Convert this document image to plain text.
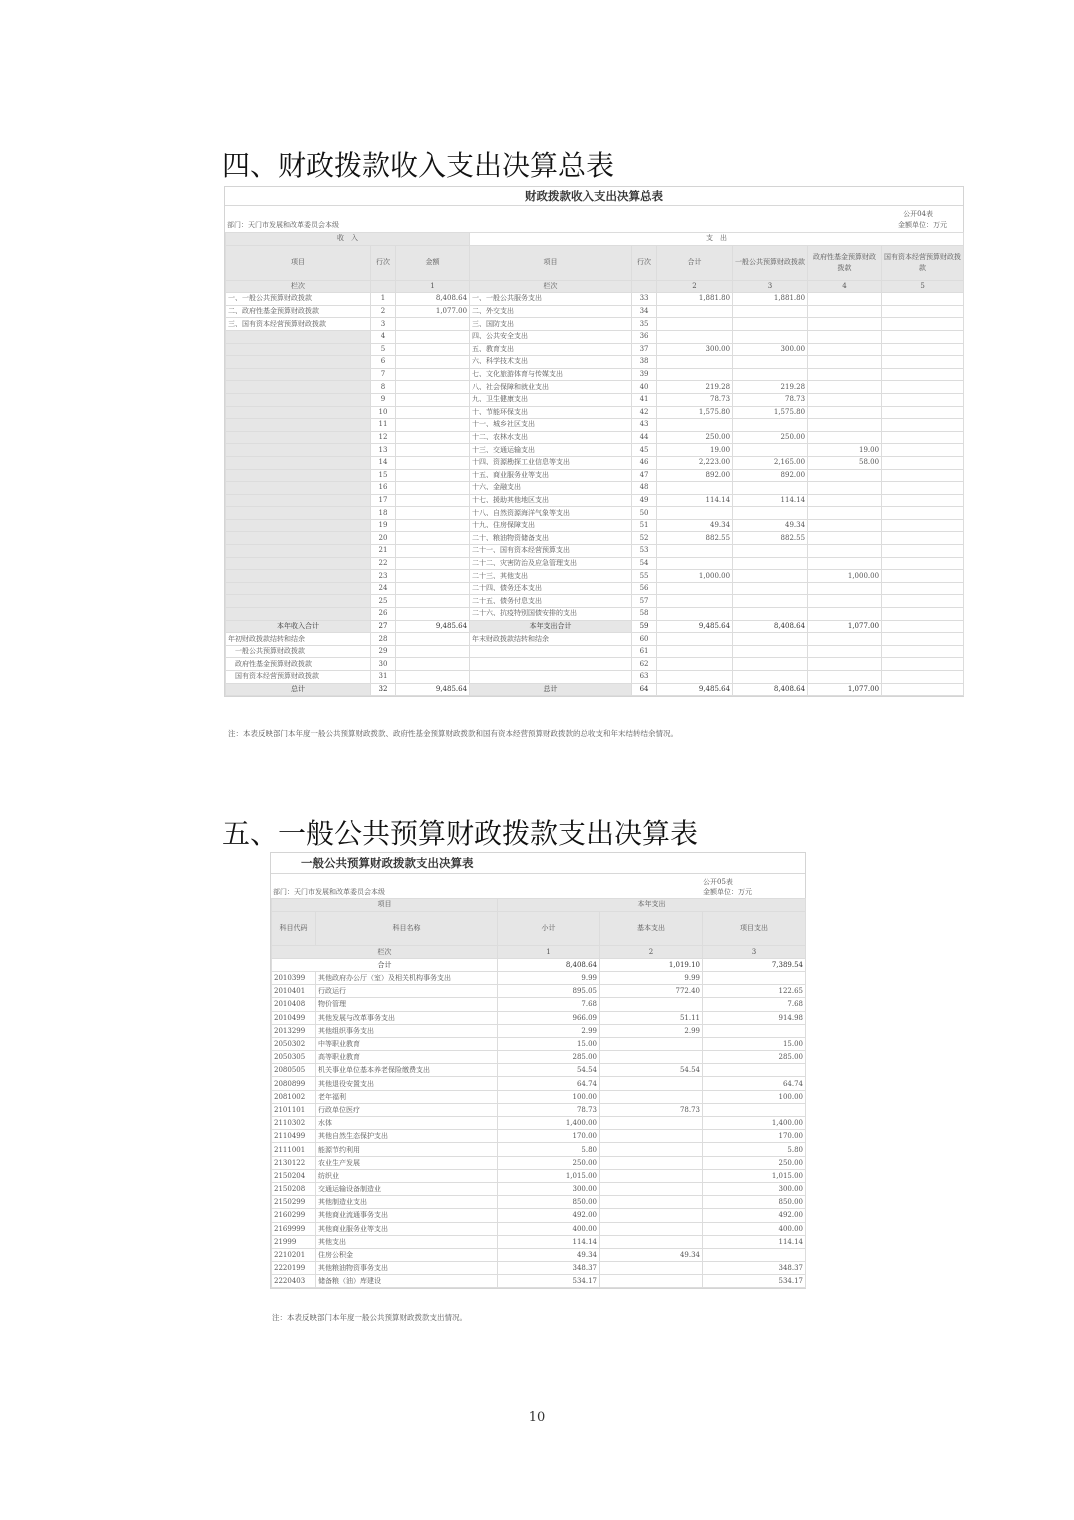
四、财政拨款收入支出决算总表
财政拨款收入支出决算总表
公开04表
金额单位：万元
部门：天门市发展和改革委员会本级
收　入			支　出					
项目	行次	金额	项目	行次	合计	一般公共预算财政拨款	政府性基金预算财政拨款	国有资本经营预算财政拨款
栏次		1	栏次		2	3	4	5
一、一般公共预算财政拨款	1	8,408.64	一、一般公共服务支出	33	1,881.80	1,881.80		
二、政府性基金预算财政拨款	2	1,077.00	二、外交支出	34				
三、国有资本经营预算财政拨款	3		三、国防支出	35				
	4		四、公共安全支出	36				
	5		五、教育支出	37	300.00	300.00		
	6		六、科学技术支出	38				
	7		七、文化旅游体育与传媒支出	39				
	8		八、社会保障和就业支出	40	219.28	219.28		
	9		九、卫生健康支出	41	78.73	78.73		
	10		十、节能环保支出	42	1,575.80	1,575.80		
	11		十一、城乡社区支出	43				
	12		十二、农林水支出	44	250.00	250.00		
	13		十三、交通运输支出	45	19.00		19.00	
	14		十四、资源勘探工业信息等支出	46	2,223.00	2,165.00	58.00	
	15		十五、商业服务业等支出	47	892.00	892.00		
	16		十六、金融支出	48				
	17		十七、援助其他地区支出	49	114.14	114.14		
	18		十八、自然资源海洋气象等支出	50				
	19		十九、住房保障支出	51	49.34	49.34		
	20		二十、粮油物资储备支出	52	882.55	882.55		
	21		二十一、国有资本经营预算支出	53				
	22		二十二、灾害防治及应急管理支出	54				
	23		二十三、其他支出	55	1,000.00		1,000.00	
	24		二十四、债务还本支出	56				
	25		二十五、债务付息支出	57				
	26		二十六、抗疫特别国债安排的支出	58				
本年收入合计	27	9,485.64	本年支出合计	59	9,485.64	8,408.64	1,077.00	
年初财政拨款结转和结余	28		年末财政拨款结转和结余	60				
　一般公共预算财政拨款	29			61				
　政府性基金预算财政拨款	30			62				
　国有资本经营预算财政拨款	31			63				
总计	32	9,485.64	总计	64	9,485.64	8,408.64	1,077.00	
注：本表反映部门本年度一般公共预算财政拨款、政府性基金预算财政拨款和国有资本经营预算财政拨款的总收支和年末结转结余情况。
五、一般公共预算财政拨款支出决算表
一般公共预算财政拨款支出决算表
公开05表
金额单位：万元
部门：天门市发展和改革委员会本级
项目		本年支出		
科目代码	科目名称	小计	基本支出	项目支出
栏次		1	2	3
合计		8,408.64	1,019.10	7,389.54
2010399	其他政府办公厅（室）及相关机构事务支出	9.99	9.99	
2010401	行政运行	895.05	772.40	122.65
2010408	物价管理	7.68		7.68
2010499	其他发展与改革事务支出	966.09	51.11	914.98
2013299	其他组织事务支出	2.99	2.99	
2050302	中等职业教育	15.00		15.00
2050305	高等职业教育	285.00		285.00
2080505	机关事业单位基本养老保险缴费支出	54.54	54.54	
2080899	其他退役安置支出	64.74		64.74
2081002	老年福利	100.00		100.00
2101101	行政单位医疗	78.73	78.73	
2110302	水体	1,400.00		1,400.00
2110499	其他自然生态保护支出	170.00		170.00
2111001	能源节约利用	5.80		5.80
2130122	农业生产发展	250.00		250.00
2150204	纺织业	1,015.00		1,015.00
2150208	交通运输设备制造业	300.00		300.00
2150299	其他制造业支出	850.00		850.00
2160299	其他商业流通事务支出	492.00		492.00
2169999	其他商业服务业等支出	400.00		400.00
21999	其他支出	114.14		114.14
2210201	住房公积金	49.34	49.34	
2220199	其他粮油物资事务支出	348.37		348.37
2220403	储备粮（油）库建设	534.17		534.17
注：本表反映部门本年度一般公共预算财政拨款支出情况。
10
